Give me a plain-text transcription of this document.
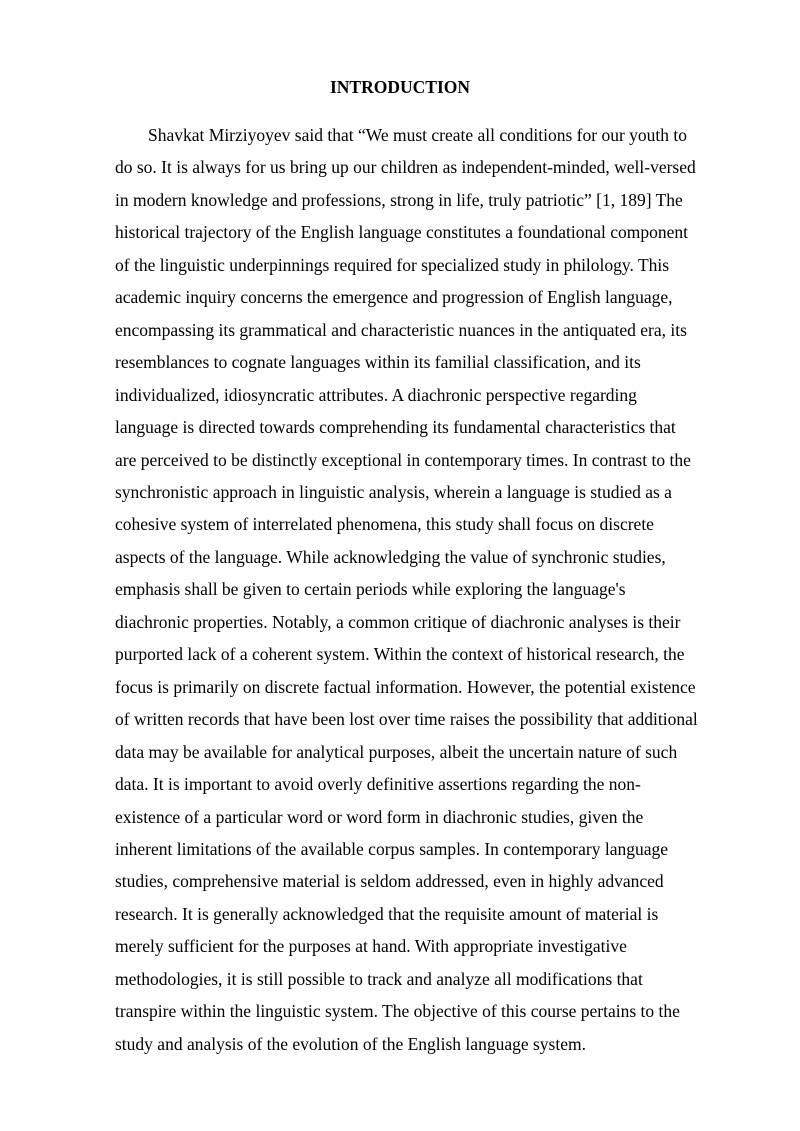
INTRODUCTION
Shavkat Mirziyoyev said that “We must create all conditions for our youth to
do so. It is always for us bring up our children as independent-minded, well-versed
in modern knowledge and professions, strong in life, truly patriotic” [1, 189] The
historical trajectory of the English language constitutes a foundational component
of the linguistic underpinnings required for specialized study in philology. This
academic inquiry concerns the emergence and progression of English language,
encompassing its grammatical and characteristic nuances in the antiquated era, its
resemblances to cognate languages within its familial classification, and its
individualized, idiosyncratic attributes. A diachronic perspective regarding
language is directed towards comprehending its fundamental characteristics that
are perceived to be distinctly exceptional in contemporary times. In contrast to the
synchronistic approach in linguistic analysis, wherein a language is studied as a
cohesive system of interrelated phenomena, this study shall focus on discrete
aspects of the language. While acknowledging the value of synchronic studies,
emphasis shall be given to certain periods while exploring the language's
diachronic properties. Notably, a common critique of diachronic analyses is their
purported lack of a coherent system. Within the context of historical research, the
focus is primarily on discrete factual information. However, the potential existence
of written records that have been lost over time raises the possibility that additional
data may be available for analytical purposes, albeit the uncertain nature of such
data. It is important to avoid overly definitive assertions regarding the non-
existence of a particular word or word form in diachronic studies, given the
inherent limitations of the available corpus samples. In contemporary language
studies, comprehensive material is seldom addressed, even in highly advanced
research. It is generally acknowledged that the requisite amount of material is
merely sufficient for the purposes at hand. With appropriate investigative
methodologies, it is still possible to track and analyze all modifications that
transpire within the linguistic system. The objective of this course pertains to the
study and analysis of the evolution of the English language system.
